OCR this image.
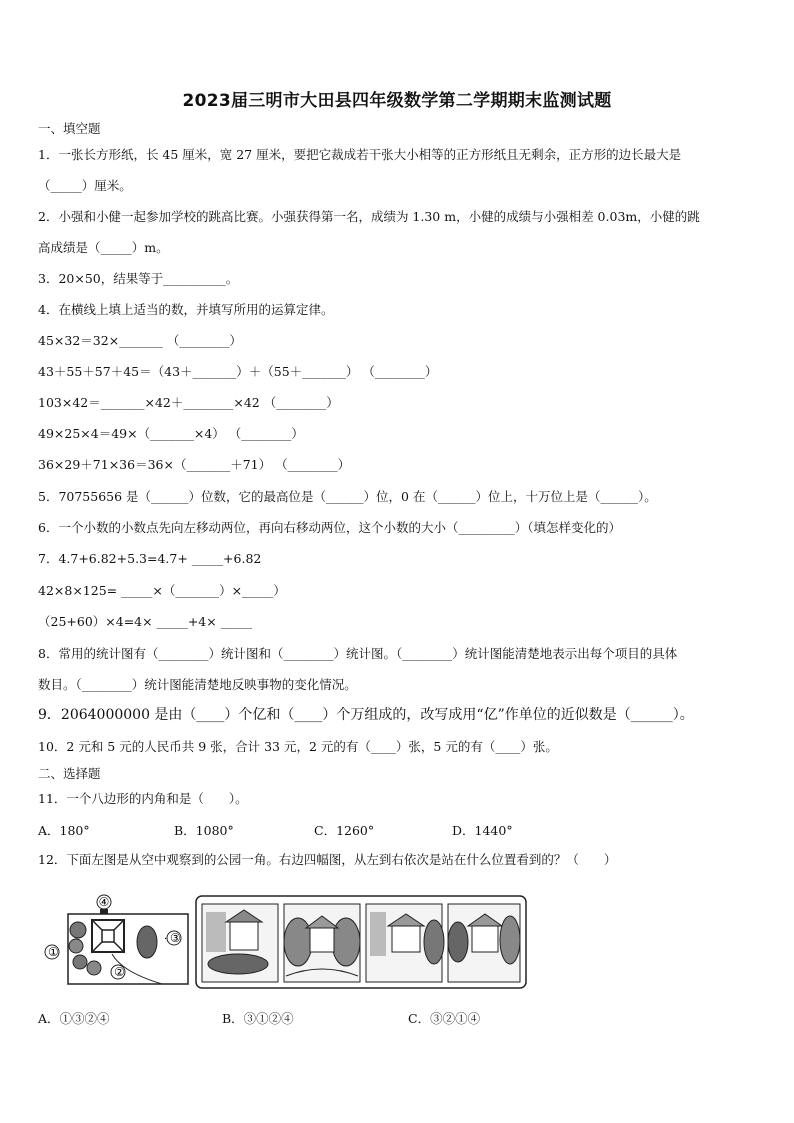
2023届三明市大田县四年级数学第二学期期末监测试题
一、填空题
1．一张长方形纸，长 45 厘米，宽 27 厘米，要把它裁成若干张大小相等的正方形纸且无剩余，正方形的边长最大是
（_____）厘米。
2．小强和小健一起参加学校的跳高比赛。小强获得第一名，成绩为 1.30 m，小健的成绩与小强相差 0.03m，小健的跳
高成绩是（_____）m。
3．20×50，结果等于__________。
4．在横线上填上适当的数，并填写所用的运算定律。
45×32＝32×_______ （________）
43＋55＋57＋45＝（43＋_______）＋（55＋_______） （________）
103×42＝_______×42＋________×42 （________）
49×25×4＝49×（_______×4） （________）
36×29＋71×36＝36×（_______＋71） （________）
5．70755656 是（______）位数，它的最高位是（______）位，0 在（______）位上，十万位上是（______）。
6．一个小数的小数点先向左移动两位，再向右移动两位，这个小数的大小（_________）（填怎样变化的）
7．4.7+6.82+5.3=4.7+ _____+6.82
42×8×125= _____×（_______）×_____）
（25+60）×4=4× _____+4× _____
8．常用的统计图有（________）统计图和（________）统计图。（________）统计图能清楚地表示出每个项目的具体
数目。（________）统计图能清楚地反映事物的变化情况。
9．2064000000 是由（____）个亿和（____）个万组成的，改写成用“亿”作单位的近似数是（______）。
10．2 元和 5 元的人民币共 9 张，合计 33 元，2 元的有（____）张，5 元的有（____）张。
二、选择题
11．一个八边形的内角和是（　　）。
A．180°	B．1080°	C．1260°	D．1440°
12．下面左图是从空中观察到的公园一角。右边四幅图，从左到右依次是站在什么位置看到的？（　　）
④
①
②
③
·
A．①③②④	B．③①②④	C．③②①④
